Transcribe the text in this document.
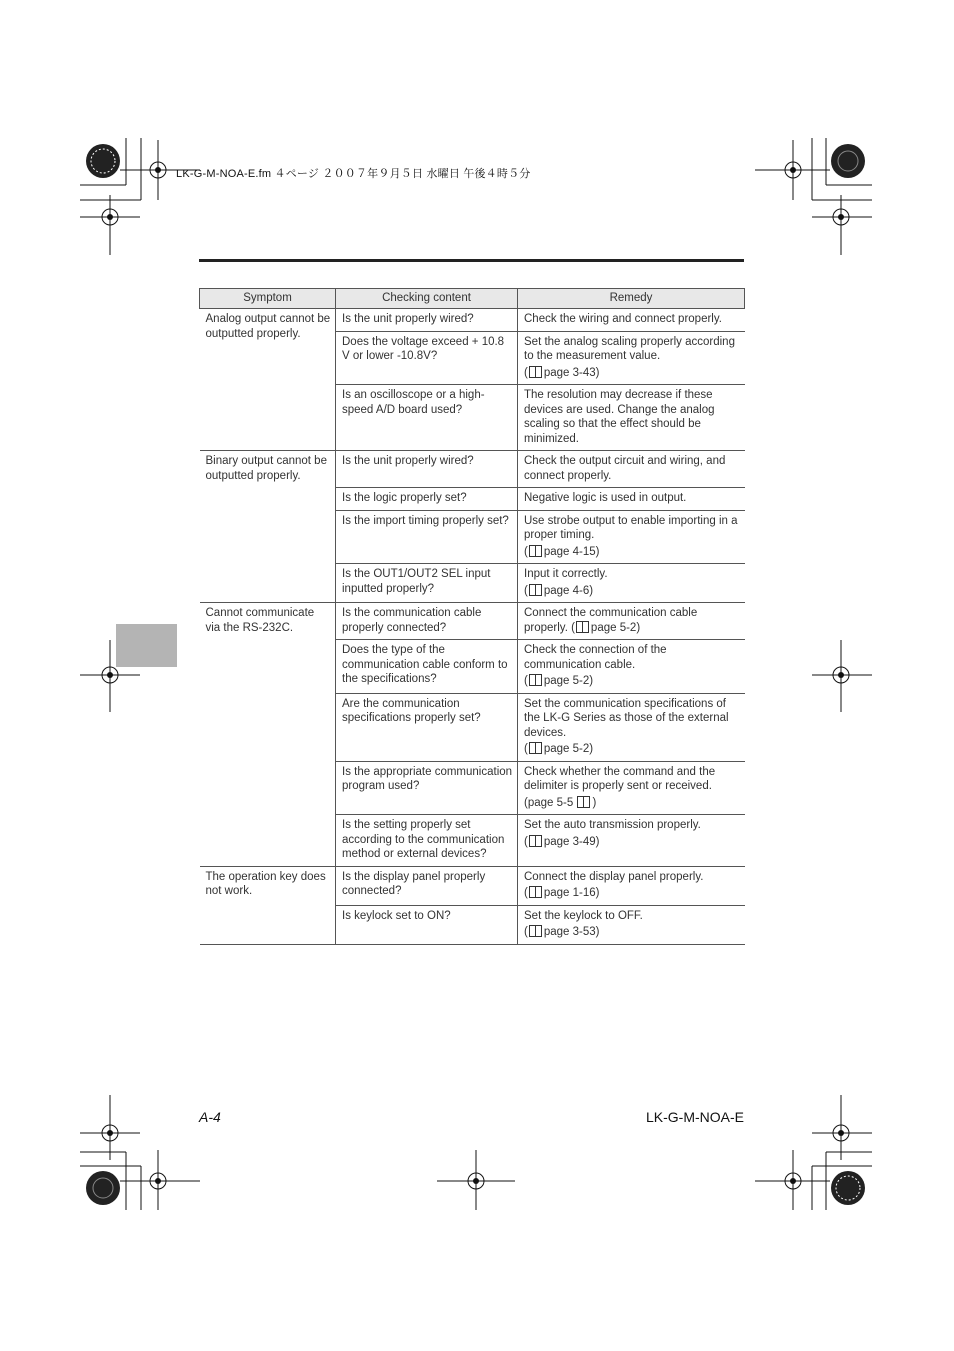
LK-G-M-NOA-E.fm ４ページ ２００７年９月５日 水曜日 午後４時５分
Symptom	Checking content	Remedy
Analog output cannot be outputted properly.	Is the unit properly wired?	Check the wiring and connect properly.
	Does the voltage exceed + 10.8 V or lower -10.8V?	Set the analog scaling properly according to the measurement value.
( page 3-43)

	Is an oscilloscope or a high-speed A/D board used?	The resolution may decrease if these devices are used. Change the analog scaling so that the effect should be minimized.
Binary output cannot be outputted properly.	Is the unit properly wired?	Check the output circuit and wiring, and connect properly.
	Is the logic properly set?	Negative logic is used in output.
	Is the import timing properly set?	Use strobe output to enable importing in a proper timing.
( page 4-15)

	Is the OUT1/OUT2 SEL input inputted properly?	Input it correctly.
( page 4-6)

Cannot communicate via the RS-232C.	Is the communication cable properly connected?	Connect the communication cable properly. ( page 5-2)
	Does the type of the communication cable conform to the specifications?	Check the connection of the communication cable.
( page 5-2)

	Are the communication specifications properly set?	Set the communication specifications of the LK-G Series as those of the external devices.
( page 5-2)

	Is the appropriate communication program used?	Check whether the command and the delimiter is properly sent or received.
(page 5-5 )

	Is the setting properly set according to the communication method or external devices?	Set the auto transmission properly.
( page 3-49)

The operation key does not work.	Is the display panel properly connected?	Connect the display panel properly.
( page 1-16)

	Is keylock set to ON?	Set the keylock to OFF.
( page 3-53)
A-4	LK-G-M-NOA-E
